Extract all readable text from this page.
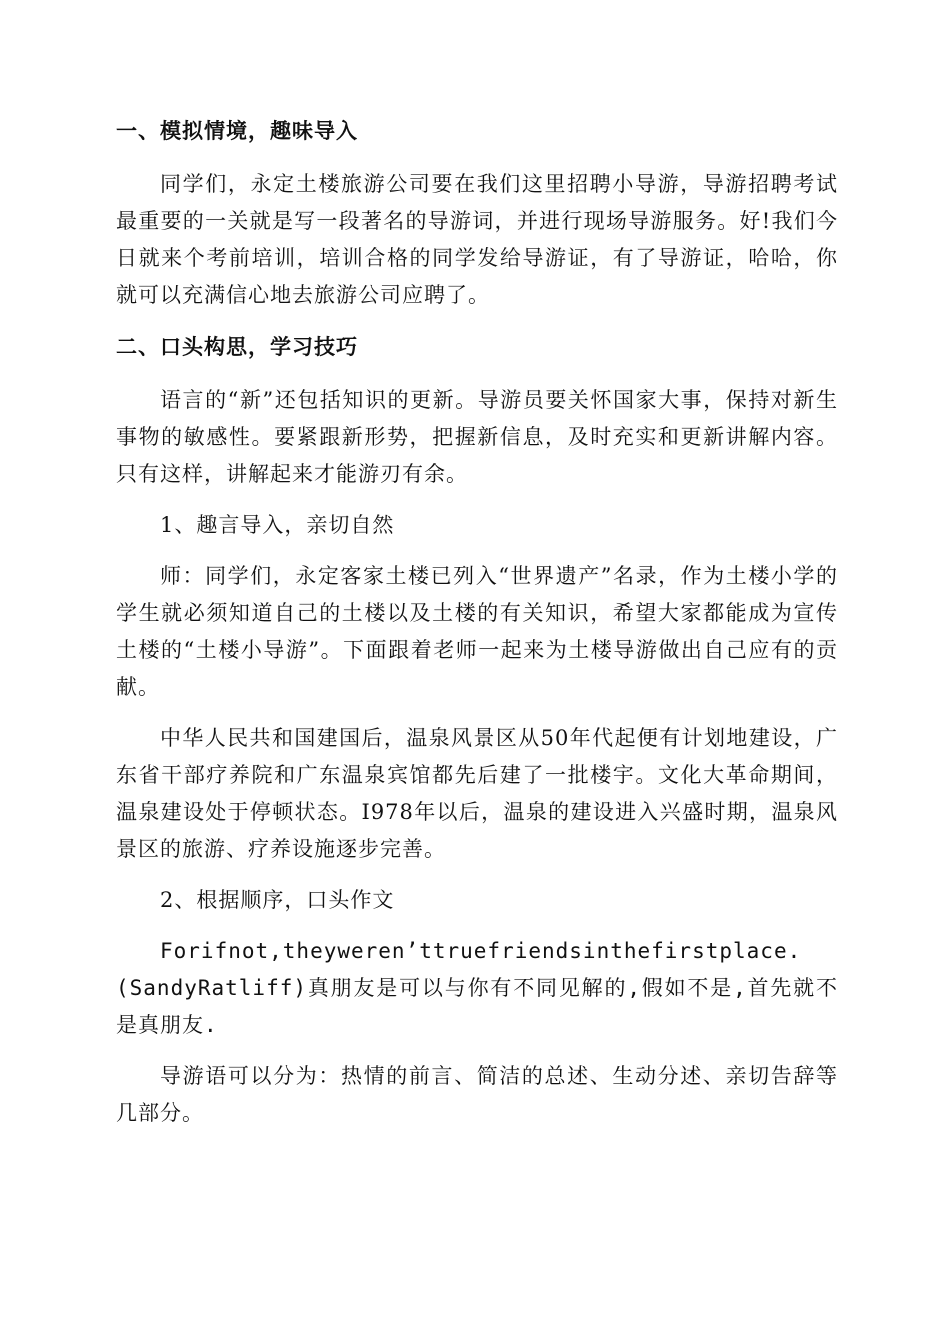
一、模拟情境，趣味导入

同学们，永定土楼旅游公司要在我们这里招聘小导游，导游招聘考试最重要的一关就是写一段著名的导游词，并进行现场导游服务。好!我们今日就来个考前培训，培训合格的同学发给导游证，有了导游证，哈哈，你就可以充满信心地去旅游公司应聘了。

二、口头构思，学习技巧

语言的“新”还包括知识的更新。导游员要关怀国家大事，保持对新生事物的敏感性。要紧跟新形势，把握新信息，及时充实和更新讲解内容。只有这样，讲解起来才能游刃有余。

1、趣言导入，亲切自然

师：同学们，永定客家土楼已列入“世界遗产”名录，作为土楼小学的学生就必须知道自己的土楼以及土楼的有关知识，希望大家都能成为宣传土楼的“土楼小导游”。下面跟着老师一起来为土楼导游做出自己应有的贡献。

中华人民共和国建国后，温泉风景区从50年代起便有计划地建设，广东省干部疗养院和广东温泉宾馆都先后建了一批楼宇。文化大革命期间，温泉建设处于停顿状态。I978年以后，温泉的建设进入兴盛时期，温泉风景区的旅游、疗养设施逐步完善。

2、根据顺序，口头作文

Forifnot,theyweren’ttruefriendsinthefirstplace.(SandyRatliff)真朋友是可以与你有不同见解的,假如不是,首先就不是真朋友.

导游语可以分为：热情的前言、简洁的总述、生动分述、亲切告辞等几部分。
